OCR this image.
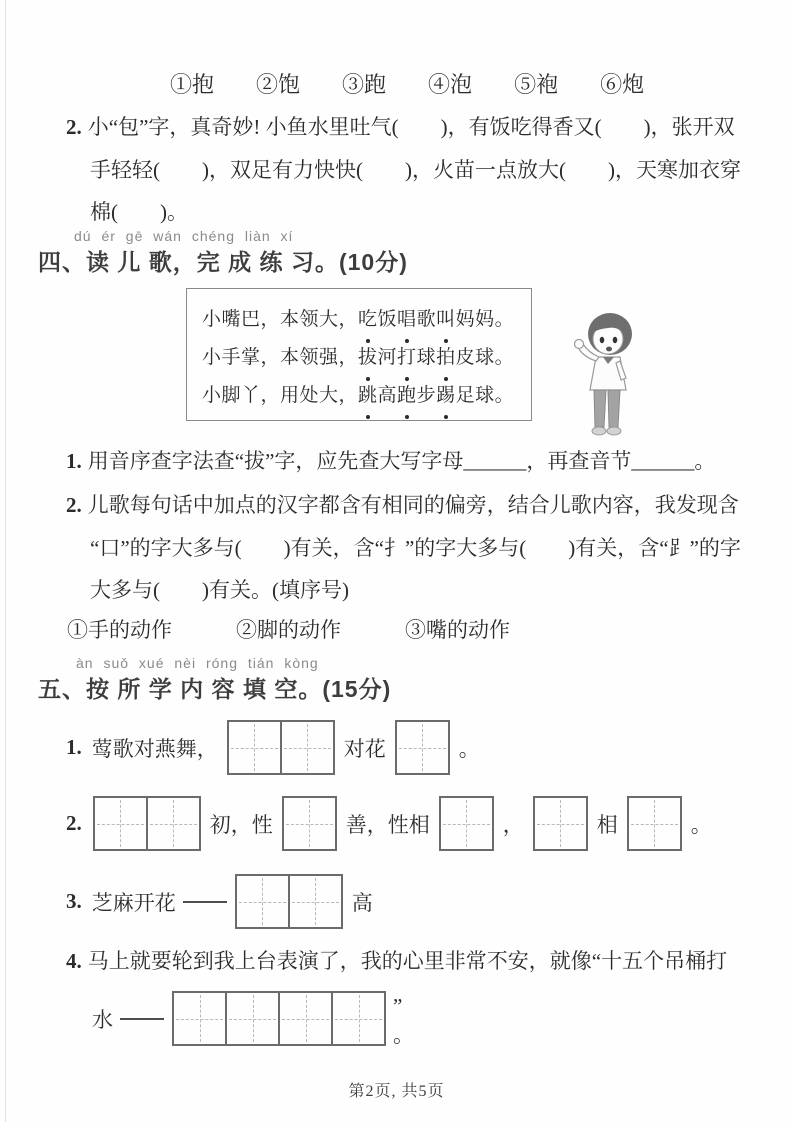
①抱 ②饱 ③跑 ④泡 ⑤袍 ⑥炮
2. 小“包”字，真奇妙! 小鱼水里吐气(　　)，有饭吃得香又(　　)，张开双
手轻轻(　　)，双足有力快快(　　)，火苗一点放大(　　)，天寒加衣穿
棉(　　)。
dú ér gē wán chéng liàn xí
四、读 儿 歌，完 成 练 习。(10分)
小嘴巴，本领大，吃饭唱歌叫妈妈。
小手掌，本领强，拔河打球拍皮球。
小脚丫，用处大，跳高跑步踢足球。

1. 用音序查字法查“拔”字，应先查大写字母______，再查音节______。
2. 儿歌每句话中加点的汉字都含有相同的偏旁，结合儿歌内容，我发现含
“口”的字大多与(　　)有关，含“扌”的字大多与(　　)有关，含“⻊”的字
大多与(　　)有关。(填序号)
①手的动作	②脚的动作	③嘴的动作
àn suǒ xué nèi róng tián kòng
五、按 所 学 内 容 填 空。(15分)
1. 莺歌对燕舞，	对花	。
2.	初，性	善，性相	，	相	。
3. 芝麻开花	高
4. 马上就要轮到我上台表演了，我的心里非常不安，就像“十五个吊桶打
水
”
。
第2页, 共5页
